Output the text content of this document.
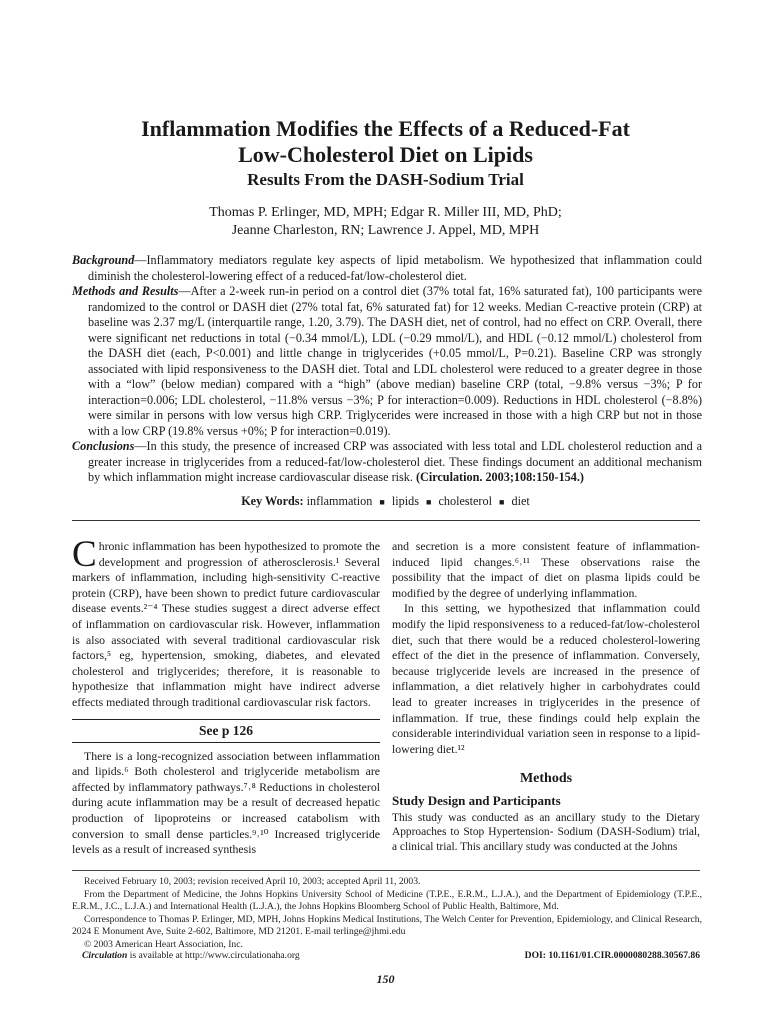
Inflammation Modifies the Effects of a Reduced-Fat
Low-Cholesterol Diet on Lipids
Results From the DASH-Sodium Trial
Thomas P. Erlinger, MD, MPH; Edgar R. Miller III, MD, PhD;
Jeanne Charleston, RN; Lawrence J. Appel, MD, MPH

Background—Inflammatory mediators regulate key aspects of lipid metabolism. We hypothesized that inflammation could diminish the cholesterol-lowering effect of a reduced-fat/low-cholesterol diet.

Methods and Results—After a 2-week run-in period on a control diet (37% total fat, 16% saturated fat), 100 participants were randomized to the control or DASH diet (27% total fat, 6% saturated fat) for 12 weeks. Median C-reactive protein (CRP) at baseline was 2.37 mg/L (interquartile range, 1.20, 3.79). The DASH diet, net of control, had no effect on CRP. Overall, there were significant net reductions in total (−0.34 mmol/L), LDL (−0.29 mmol/L), and HDL (−0.12 mmol/L) cholesterol from the DASH diet (each, P<0.001) and little change in triglycerides (+0.05 mmol/L, P=0.21). Baseline CRP was strongly associated with lipid responsiveness to the DASH diet. Total and LDL cholesterol were reduced to a greater degree in those with a “low” (below median) compared with a “high” (above median) baseline CRP (total, −9.8% versus −3%; P for interaction=0.006; LDL cholesterol, −11.8% versus −3%; P for interaction=0.009). Reductions in HDL cholesterol (−8.8%) were similar in persons with low versus high CRP. Triglycerides were increased in those with a high CRP but not in those with a low CRP (19.8% versus +0%; P for interaction=0.019).

Conclusions—In this study, the presence of increased CRP was associated with less total and LDL cholesterol reduction and a greater increase in triglycerides from a reduced-fat/low-cholesterol diet. These findings document an additional mechanism by which inflammation might increase cardiovascular disease risk. (Circulation. 2003;108:150-154.)

Key Words: inflammation ■ lipids ■ cholesterol ■ diet

Chronic inflammation has been hypothesized to promote the development and progression of atherosclerosis.¹ Several markers of inflammation, including high-sensitivity C-reactive protein (CRP), have been shown to predict future cardiovascular disease events.²⁻⁴ These studies suggest a direct adverse effect of inflammation on cardiovascular risk. However, inflammation is also associated with several traditional cardiovascular risk factors,⁵ eg, hypertension, smoking, diabetes, and elevated cholesterol and triglycerides; therefore, it is reasonable to hypothesize that inflammation might have indirect adverse effects mediated through traditional cardiovascular risk factors.

See p 126

There is a long-recognized association between inflammation and lipids.⁶ Both cholesterol and triglyceride metabolism are affected by inflammatory pathways.⁷˒⁸ Reductions in cholesterol during acute inflammation may be a result of decreased hepatic production of lipoproteins or increased catabolism with conversion to small dense particles.⁹˒¹⁰ Increased triglyceride levels as a result of increased synthesis

and secretion is a more consistent feature of inflammation-induced lipid changes.⁶˒¹¹ These observations raise the possibility that the impact of diet on plasma lipids could be modified by the degree of underlying inflammation.

In this setting, we hypothesized that inflammation could modify the lipid responsiveness to a reduced-fat/low-cholesterol diet, such that there would be a reduced cholesterol-lowering effect of the diet in the presence of inflammation. Conversely, because triglyceride levels are increased in the presence of inflammation, a diet relatively higher in carbohydrates could lead to greater increases in triglycerides in the presence of inflammation. If true, these findings could help explain the considerable interindividual variation seen in response to a lipid-lowering diet.¹²

Methods
Study Design and Participants

This study was conducted as an ancillary study to the Dietary Approaches to Stop Hypertension- Sodium (DASH-Sodium) trial, a clinical trial. This ancillary study was conducted at the Johns

Received February 10, 2003; revision received April 10, 2003; accepted April 11, 2003.

From the Department of Medicine, the Johns Hopkins University School of Medicine (T.P.E., E.R.M., L.J.A.), and the Department of Epidemiology (T.P.E., E.R.M., J.C., L.J.A.) and International Health (L.J.A.), the Johns Hopkins Bloomberg School of Public Health, Baltimore, Md.

Correspondence to Thomas P. Erlinger, MD, MPH, Johns Hopkins Medical Institutions, The Welch Center for Prevention, Epidemiology, and Clinical Research, 2024 E Monument Ave, Suite 2-602, Baltimore, MD 21201. E-mail terlinge@jhmi.edu

© 2003 American Heart Association, Inc.

Circulation is available at http://www.circulationaha.org	DOI: 10.1161/01.CIR.0000080288.30567.86
150
